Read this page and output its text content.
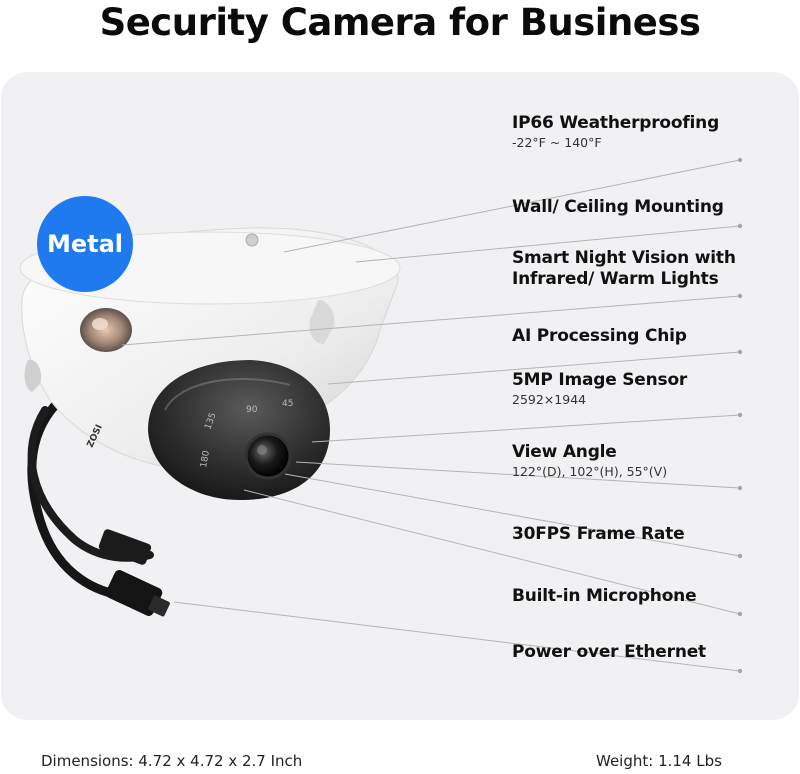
Security Camera for Business
135
90
45
180
ZOSI
Metal
IP66 Weatherproofing
-22°F ~ 140°F
Wall/ Ceiling Mounting
Smart Night Vision with
Infrared/ Warm Lights
AI Processing Chip
5MP Image Sensor
2592×1944
View Angle
122°(D), 102°(H), 55°(V)
30FPS Frame Rate
Built-in Microphone
Power over Ethernet
Dimensions: 4.72 x 4.72 x 2.7 Inch	Weight: 1.14 Lbs
